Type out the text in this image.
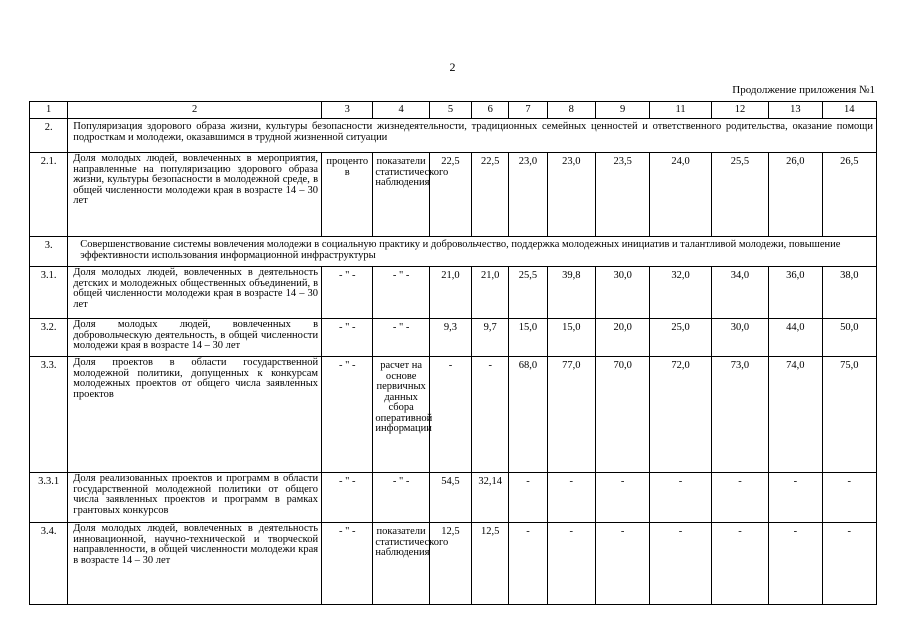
2
Продолжение приложения №1
1	2	3	4	5	6	7	8	9	11	12	13	14
2.	Популяризация здорового образа жизни, культуры безопасности жизнедеятельности, традиционных семейных ценностей и ответственного родительства, оказание помощи подросткам и молодежи, оказавшимся в трудной жизненной ситуации											
2.1.	Доля молодых людей, вовлеченных в мероприятия, направленные на популяризацию здорового образа жизни, культуры безопасности в молодежной среде, в общей численности молодежи края в возрасте 14 – 30 лет	процентов	показатели статистического наблюдения	22,5	22,5	23,0	23,0	23,5	24,0	25,5	26,0	26,5
3.	Совершенствование системы вовлечения молодежи в социальную практику и добровольчество, поддержка молодежных инициатив и талантливой молодежи, повышение эффективности использования информационной инфраструктуры											
3.1.	Доля молодых людей, вовлеченных в деятельность детских и молодежных общественных объединений, в общей численности молодежи края в возрасте 14 – 30 лет	- " -	- " -	21,0	21,0	25,5	39,8	30,0	32,0	34,0	36,0	38,0
3.2.	Доля молодых людей, вовлеченных в добровольческую деятельность, в общей численности молодежи края в возрасте 14 – 30 лет	- " -	- " -	9,3	9,7	15,0	15,0	20,0	25,0	30,0	44,0	50,0
3.3.	Доля проектов в области государственной молодежной политики, допущенных к конкурсам молодежных проектов от общего числа заявленных проектов	- " -	расчет на основе первичных данных сбора оперативной информации	-	-	68,0	77,0	70,0	72,0	73,0	74,0	75,0
3.3.1	Доля реализованных проектов и программ в области государственной молодежной политики от общего числа заявленных проектов и программ в рамках грантовых конкурсов	- " -	- " -	54,5	32,14	-	-	-	-	-	-	-
3.4.	Доля молодых людей, вовлеченных в деятельность инновационной, научно-технической и творческой направленности, в общей численности молодежи края в возрасте 14 – 30 лет	- " -	показатели статистического наблюдения	12,5	12,5	-	-	-	-	-	-	-
